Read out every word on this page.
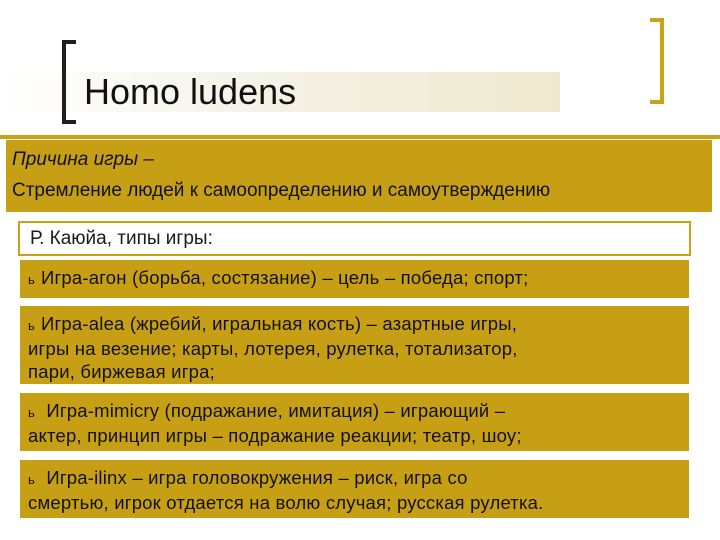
Homo ludens
Причина игры –
Стремление людей к самоопределению и самоутверждению
Р. Каюйа, типы игры:
ь Игра-агон (борьба, состязание) – цель – победа; спорт;
ь Игра-alea (жребий, игральная кость) – азартные игры,
игры на везение; карты, лотерея, рулетка, тотализатор,
пари, биржевая игра;
ь Игра-mimicry (подражание, имитация) – играющий –
актер, принцип игры – подражание реакции; театр, шоу;
ь Игра-ilinx – игра головокружения – риск, игра со
смертью, игрок отдается на волю случая; русская рулетка.
